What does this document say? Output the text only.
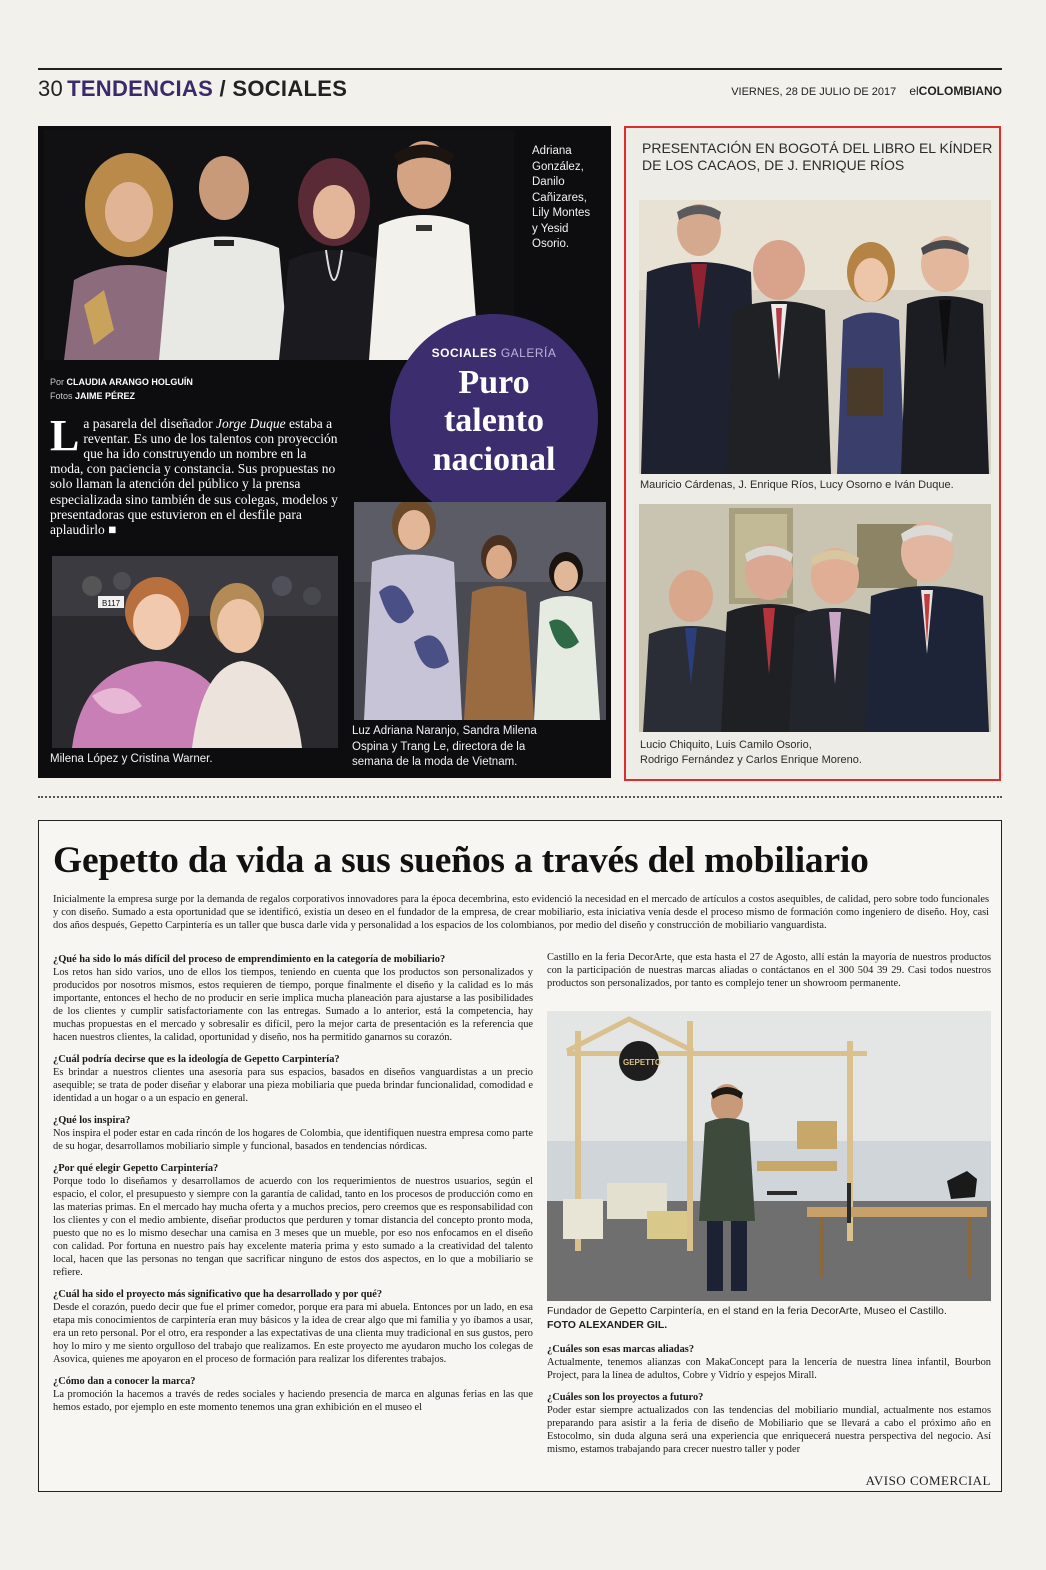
30 TENDENCIAS / SOCIALES	VIERNES, 28 DE JULIO DE 2017 elCOLOMBIANO
Adriana
González,
Danilo
Cañizares,
Lily Montes
y Yesid
Osorio.
Por CLAUDIA ARANGO HOLGUÍN
Fotos JAIME PÉREZ
La pasarela del diseñador Jorge Duque estaba a reventar. Es uno de los talentos con proyección que ha ido construyendo un nombre en la moda, con paciencia y constancia. Sus propuestas no solo llaman la atención del público y la prensa especializada sino también de sus colegas, modelos y presentadoras que estuvieron en el desfile para aplaudirlo ■
SOCIALES GALERÍA
Puro
talento
nacional
B117
Milena López y Cristina Warner.
Luz Adriana Naranjo, Sandra Milena Ospina y Trang Le, directora de la semana de la moda de Vietnam.
PRESENTACIÓN EN BOGOTÁ DEL LIBRO EL KÍNDER DE LOS CACAOS, DE J. ENRIQUE RÍOS
Mauricio Cárdenas, J. Enrique Ríos, Lucy Osorno e Iván Duque.
Lucio Chiquito, Luis Camilo Osorio,
Rodrigo Fernández y Carlos Enrique Moreno.
Gepetto da vida a sus sueños a través del mobiliario
Inicialmente la empresa surge por la demanda de regalos corporativos innovadores para la época decembrina, esto evidenció la necesidad en el mercado de artículos a costos asequibles, de calidad, pero sobre todo funcionales y con diseño. Sumado a esta oportunidad que se identificó, existía un deseo en el fundador de la empresa, de crear mobiliario, esta iniciativa venía desde el proceso mismo de formación como ingeniero de diseño. Hoy, casi dos años después, Gepetto Carpintería es un taller que busca darle vida y personalidad a los espacios de los colombianos, por medio del diseño y construcción de mobiliario vanguardista.
¿Qué ha sido lo más difícil del proceso de emprendimiento en la categoría de mobiliario?
Los retos han sido varios, uno de ellos los tiempos, teniendo en cuenta que los productos son personalizados y producidos por nosotros mismos, estos requieren de tiempo, porque finalmente el diseño y la calidad es lo más importante, entonces el hecho de no producir en serie implica mucha planeación para ajustarse a las posibilidades de los clientes y cumplir satisfactoriamente con las entregas. Sumado a lo anterior, está la competencia, hay muchas propuestas en el mercado y sobresalir es difícil, pero la mejor carta de presentación es la referencia que hacen nuestros clientes, la calidad, oportunidad y diseño, nos ha permitido ganarnos su corazón.
¿Cuál podría decirse que es la ideología de Gepetto Carpintería?
Es brindar a nuestros clientes una asesoría para sus espacios, basados en diseños vanguardistas a un precio asequible; se trata de poder diseñar y elaborar una pieza mobiliaria que pueda brindar funcionalidad, comodidad e identidad a un hogar o a un espacio en general.
¿Qué los inspira?
Nos inspira el poder estar en cada rincón de los hogares de Colombia, que identifiquen nuestra empresa como parte de su hogar, desarrollamos mobiliario simple y funcional, basados en tendencias nórdicas.
¿Por qué elegir Gepetto Carpintería?
Porque todo lo diseñamos y desarrollamos de acuerdo con los requerimientos de nuestros usuarios, según el espacio, el color, el presupuesto y siempre con la garantía de calidad, tanto en los procesos de producción como en las materias primas. En el mercado hay mucha oferta y a muchos precios, pero creemos que es responsabilidad con los clientes y con el medio ambiente, diseñar productos que perduren y tomar distancia del concepto pronto moda, puesto que no es lo mismo desechar una camisa en 3 meses que un mueble, por eso nos enfocamos en el diseño con calidad. Por fortuna en nuestro país hay excelente materia prima y esto sumado a la creatividad del talento local, hacen que las personas no tengan que sacrificar ninguno de estos dos aspectos, en lo que a mobiliario se refiere.
¿Cuál ha sido el proyecto más significativo que ha desarrollado y por qué?
Desde el corazón, puedo decir que fue el primer comedor, porque era para mi abuela. Entonces por un lado, en esa etapa mis conocimientos de carpintería eran muy básicos y la idea de crear algo que mi familia y yo íbamos a usar, era un reto personal. Por el otro, era responder a las expectativas de una clienta muy tradicional en sus gustos, pero hoy lo miro y me siento orgulloso del trabajo que realizamos. En este proyecto me ayudaron mucho los colegas de Asovica, quienes me apoyaron en el proceso de formación para realizar los diferentes trabajos.
¿Cómo dan a conocer la marca?
La promoción la hacemos a través de redes sociales y haciendo presencia de marca en algunas ferias en las que hemos estado, por ejemplo en este momento tenemos una gran exhibición en el museo el
Castillo en la feria DecorArte, que esta hasta el 27 de Agosto, allí están la mayoría de nuestros productos con la participación de nuestras marcas aliadas o contáctanos en el 300 504 39 29. Casi todos nuestros productos son personalizados, por tanto es complejo tener un showroom permanente.
GEPETTO
Fundador de Gepetto Carpintería, en el stand en la feria DecorArte, Museo el Castillo.
FOTO ALEXANDER GIL.
¿Cuáles son esas marcas aliadas?
Actualmente, tenemos alianzas con MakaConcept para la lencería de nuestra línea infantil, Bourbon Project, para la línea de adultos, Cobre y Vidrío y espejos Mirall.
¿Cuáles son los proyectos a futuro?
Poder estar siempre actualizados con las tendencias del mobiliario mundial, actualmente nos estamos preparando para asistir a la feria de diseño de Mobiliario que se llevará a cabo el próximo año en Estocolmo, sin duda alguna será una experiencia que enriquecerá nuestra perspectiva del negocio. Así mismo, estamos trabajando para crecer nuestro taller y poder
AVISO COMERCIAL
